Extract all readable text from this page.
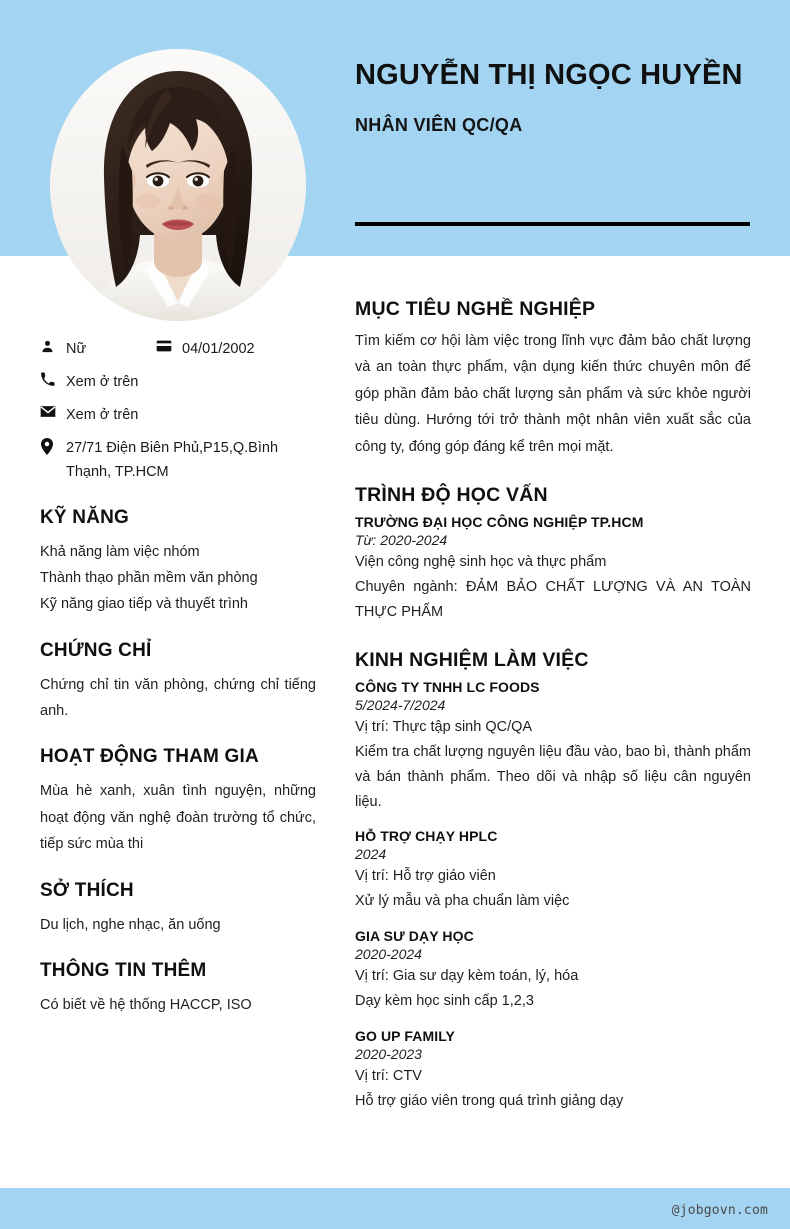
NGUYỄN THỊ NGỌC HUYỀN
NHÂN VIÊN QC/QA
Nữ	04/01/2002
Xem ở trên
Xem ở trên
27/71 Điện Biên Phủ,P15,Q.Bình Thạnh, TP.HCM
KỸ NĂNG
Khả năng làm việc nhóm
Thành thạo phần mềm văn phòng
Kỹ năng giao tiếp và thuyết trình
CHỨNG CHỈ
Chứng chỉ tin văn phòng, chứng chỉ tiếng anh.
HOẠT ĐỘNG THAM GIA
Mùa hè xanh, xuân tình nguyện, những hoạt động văn nghệ đoàn trường tổ chức, tiếp sức mùa thi
SỞ THÍCH
Du lịch, nghe nhạc, ăn uống
THÔNG TIN THÊM
Có biết về hệ thống HACCP, ISO
MỤC TIÊU NGHỀ NGHIỆP
Tìm kiếm cơ hội làm việc trong lĩnh vực đảm bảo chất lượng và an toàn thực phẩm, vận dụng kiến thức chuyên môn để góp phần đảm bảo chất lượng sản phẩm và sức khỏe người tiêu dùng. Hướng tới trở thành một nhân viên xuất sắc của công ty, đóng góp đáng kể trên mọi mặt.
TRÌNH ĐỘ HỌC VẤN
TRƯỜNG ĐẠI HỌC CÔNG NGHIỆP TP.HCM
Từ: 2020-2024
Viện công nghệ sinh học và thực phẩm
Chuyên ngành: ĐẢM BẢO CHẤT LƯỢNG VÀ AN TOÀN THỰC PHẨM
KINH NGHIỆM LÀM VIỆC
CÔNG TY TNHH LC FOODS
5/2024-7/2024
Vị trí: Thực tập sinh QC/QA
Kiểm tra chất lượng nguyên liệu đầu vào, bao bì, thành phẩm và bán thành phẩm. Theo dõi và nhập số liệu cân nguyên liệu.
HỖ TRỢ CHẠY HPLC
2024
Vị trí: Hỗ trợ giáo viên
Xử lý mẫu và pha chuẩn làm việc
GIA SƯ DẠY HỌC
2020-2024
Vị trí: Gia sư dạy kèm toán, lý, hóa
Dạy kèm học sinh cấp 1,2,3
GO UP FAMILY
2020-2023
Vị trí: CTV
Hỗ trợ giáo viên trong quá trình giảng dạy
@jobgovn.com
